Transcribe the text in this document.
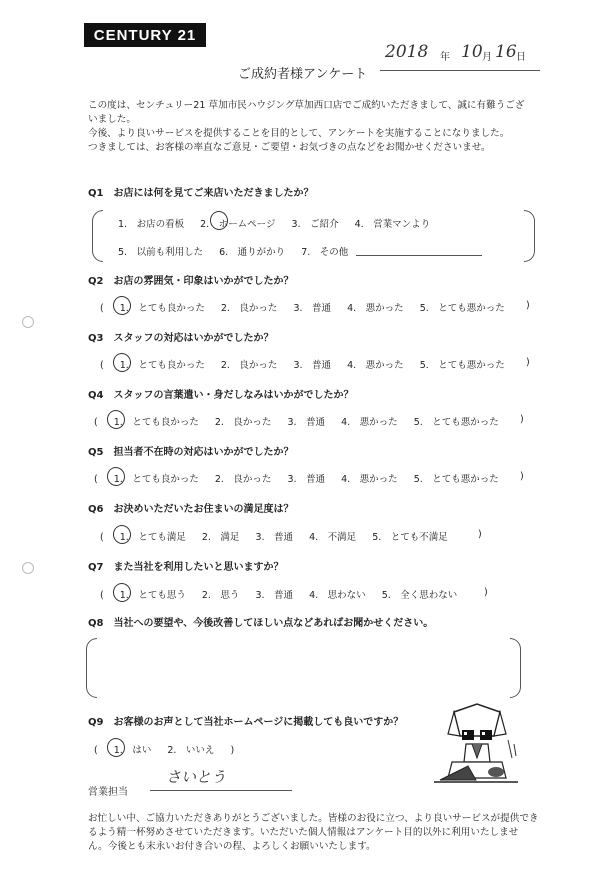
CENTURY 21
ご成約者様アンケート
2018 年 10 月 16 日

この度は、センチュリー21 草加市民ハウジング草加西口店でご成約いただきまして、誠に有難うござ

いました。

今後、より良いサービスを提供することを目的として、アンケートを実施することになりました。

つきましては、お客様の率直なご意見・ご要望・お気づきの点などをお聞かせくださいませ。

Q1　お店には何を見てご来店いただきましたか？
1.　お店の看板 2.　ホームページ 3.　ご紹介 4.　営業マンより
5.　以前も利用した 6.　通りがかり 7.　その他
Q2　お店の雰囲気・印象はいかがでしたか？
( 1.　とても良かった 2.　良かった 3.　普通 4.　悪かった 5.　とても悪かった	)
Q3　スタッフの対応はいかがでしたか？
( 1.　とても良かった 2.　良かった 3.　普通 4.　悪かった 5.　とても悪かった	)
Q4　スタッフの言葉遣い・身だしなみはいかがでしたか？
( 1.　とても良かった 2.　良かった 3.　普通 4.　悪かった 5.　とても悪かった	)
Q5　担当者不在時の対応はいかがでしたか？
( 1.　とても良かった 2.　良かった 3.　普通 4.　悪かった 5.　とても悪かった	)
Q6　お決めいただいたお住まいの満足度は？
( 1.　とても満足 2.　満足 3.　普通 4.　不満足 5.　とても不満足	)
Q7　また当社を利用したいと思いますか？
( 1.　とても思う 2.　思う 3.　普通 4.　思わない 5.　全く思わない	)
Q8　当社への要望や、今後改善してほしい点などあればお聞かせください。
Q9　お客様のお声として当社ホームページに掲載しても良いですか？
( 1.　はい 2.　いいえ )
営業担当
さいとう
お忙しい中、ご協力いただきありがとうございました。皆様のお役に立つ、より良いサービスが提供でき
るよう精一杯努めさせていただきます。いただいた個人情報はアンケート目的以外に利用いたしませ
ん。今後とも末永いお付き合いの程、よろしくお願いいたします。
